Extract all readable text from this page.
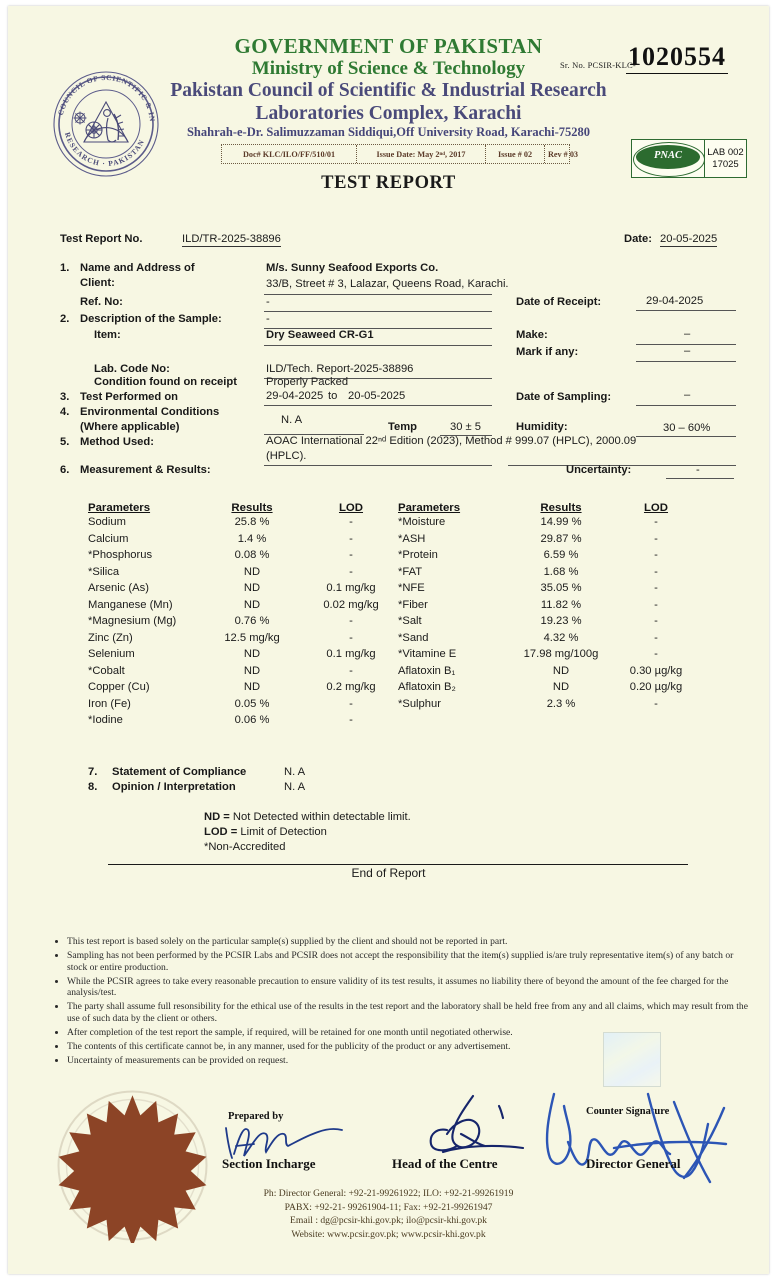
GOVERNMENT OF PAKISTAN
Ministry of Science & Technology
Pakistan Council of Scientific & Industrial Research
Laboratories Complex, Karachi
Shahrah-e-Dr. Salimuzzaman Siddiqui,Off University Road, Karachi-75280
Sr. No. PCSIR-KLC-
1020554
COUNCIL OF SCIENTIFIC & IN
RESEARCH · PAKISTAN
Doc# KLC/ILO/FF/510/01	Issue Date: May 2ⁿᵈ, 2017	Issue # 02	Rev # 03	PNAC	LAB 002
17025
TEST REPORT
Test Report No.	ILD/TR-2025-38896	Date: 20-05-2025
1. Name and Address of
Client:
M/s. Sunny Seafood Exports Co.
33/B, Street # 3, Lalazar, Queens Road, Karachi.
Ref. No:	-	Date of Receipt:	29-04-2025
2. Description of the Sample:	-
Item:	Dry Seaweed CR-G1	Make:	–
Mark if any:	–
Lab. Code No:	ILD/Tech. Report-2025-38896
Condition found on receipt	Properly Packed
3. Test Performed on	29-04-2025 to 20-05-2025	Date of Sampling:	–
4. Environmental Conditions
(Where applicable)
N. A
Temp	30 ± 5	Humidity:	30 – 60%
5. Method Used:	AOAC International 22ⁿᵈ Edition (2023), Method # 999.07 (HPLC), 2000.09
(HPLC).
6. Measurement & Results:	Uncertainty:	-
Parameters	Results	LOD	Parameters	Results	LOD
Sodium	25.8 %	-	*Moisture	14.99 %	-
Calcium	1.4 %	-	*ASH	29.87 %	-
*Phosphorus	0.08 %	-	*Protein	6.59 %	-
*Silica	ND	-	*FAT	1.68 %	-
Arsenic (As)	ND	0.1 mg/kg	*NFE	35.05 %	-
Manganese (Mn)	ND	0.02 mg/kg	*Fiber	11.82 %	-
*Magnesium (Mg)	0.76 %	-	*Salt	19.23 %	-
Zinc (Zn)	12.5 mg/kg	-	*Sand	4.32 %	-
Selenium	ND	0.1 mg/kg	*Vitamine E	17.98 mg/100g	-
*Cobalt	ND	-	Aflatoxin B₁	ND	0.30 µg/kg
Copper (Cu)	ND	0.2 mg/kg	Aflatoxin B₂	ND	0.20 µg/kg
Iron (Fe)	0.05 %	-	*Sulphur	2.3 %	-
*Iodine	0.06 %	-
7. Statement of Compliance	N. A
8. Opinion / Interpretation	N. A
ND = Not Detected within detectable limit.
LOD = Limit of Detection
*Non-Accredited
End of Report
• This test report is based solely on the particular sample(s) supplied by the client and should not be reported in part.
• Sampling has not been performed by the PCSIR Labs and PCSIR does not accept the responsibility that the item(s) supplied is/are truly representative item(s) of any batch or stock or entire production.
• While the PCSIR agrees to take every reasonable precaution to ensure validity of its test results, it assumes no liability there of beyond the amount of the fee charged for the analysis/test.
• The party shall assume full resonsibility for the ethical use of the results in the test report and the laboratory shall be held free from any and all claims, which may result from the use of such data by the client or others.
• After completion of the test report the sample, if required, will be retained for one month until negotiated otherwise.
• The contents of this certificate cannot be, in any manner, used for the publicity of the product or any advertisement.
• Uncertainty of measurements can be provided on request.
Prepared by	Counter Signature
Section Incharge	Head of the Centre	Director General
Ph: Director General: +92-21-99261922; ILO: +92-21-99261919
PABX: +92-21- 99261904-11; Fax: +92-21-99261947
Email : dg@pcsir-khi.gov.pk; ilo@pcsir-khi.gov.pk
Website: www.pcsir.gov.pk; www.pcsir-khi.gov.pk
